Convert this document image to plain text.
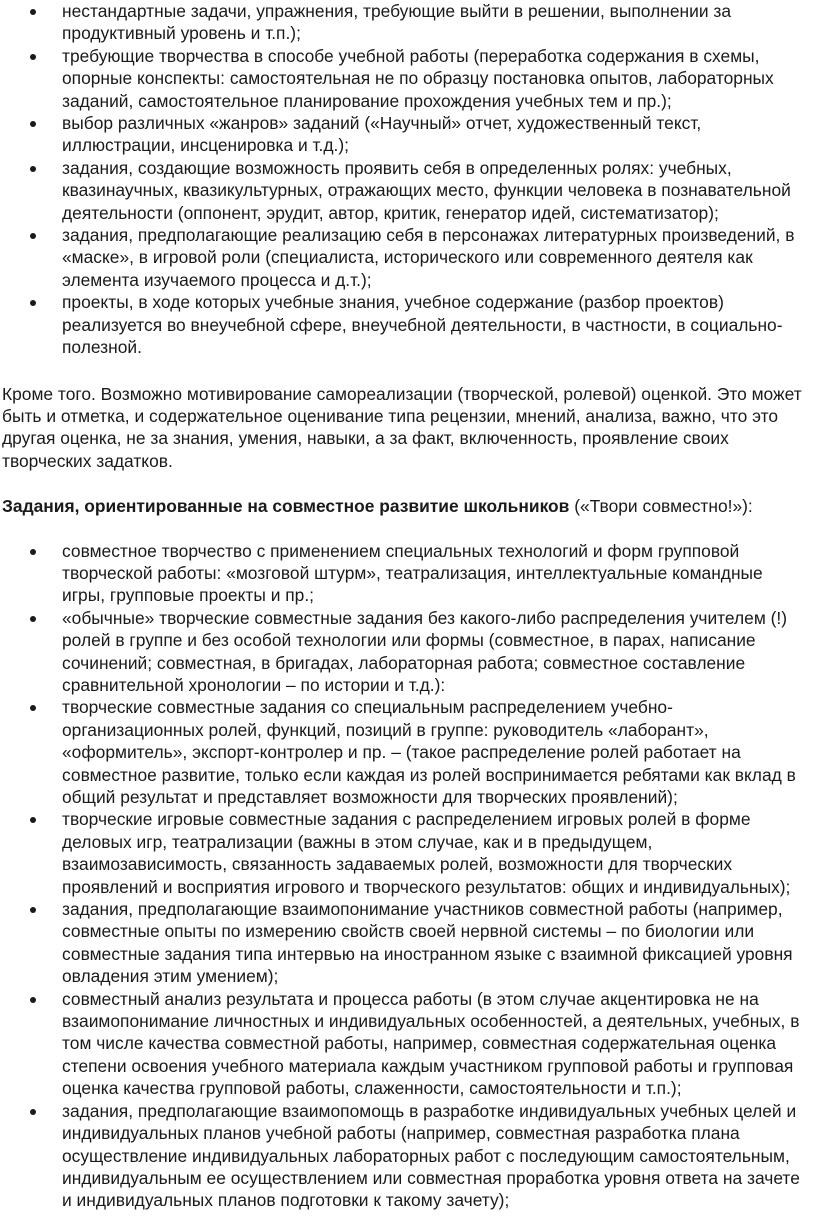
нестандартные задачи, упражнения, требующие выйти в решении, выполнении за продуктивный уровень и т.п.);
требующие творчества в способе учебной работы (переработка содержания в схемы, опорные конспекты: самостоятельная не по образцу постановка опытов, лабораторных заданий, самостоятельное планирование прохождения учебных тем и пр.);
выбор различных «жанров» заданий («Научный» отчет, художественный текст, иллюстрации, инсценировка и т.д.);
задания, создающие возможность проявить себя в определенных ролях: учебных, квазинаучных, квазикультурных, отражающих место, функции человека в познавательной деятельности (оппонент, эрудит, автор, критик, генератор идей, систематизатор);
задания, предполагающие реализацию себя в персонажах литературных произведений, в «маске», в игровой роли (специалиста, исторического или современного деятеля как элемента изучаемого процесса и д.т.);
проекты, в ходе которых учебные знания, учебное содержание (разбор проектов) реализуется во внеучебной сфере, внеучебной деятельности, в частности, в социально-полезной.

Кроме того. Возможно мотивирование самореализации (творческой, ролевой) оценкой. Это может быть и отметка, и содержательное оценивание типа рецензии, мнений, анализа, важно, что это другая оценка, не за знания, умения, навыки, а за факт, включенность, проявление своих творческих задатков.

Задания, ориентированные на совместное развитие школьников («Твори совместно!»):

совместное творчество с применением специальных технологий и форм групповой творческой работы: «мозговой штурм», театрализация, интеллектуальные командные игры, групповые проекты и пр.;
«обычные» творческие совместные задания без какого-либо распределения учителем (!) ролей в группе и без особой технологии или формы (совместное, в парах, написание сочинений; совместная, в бригадах, лабораторная работа; совместное составление сравнительной хронологии – по истории и т.д.):
творческие совместные задания со специальным распределением учебно-организационных ролей, функций, позиций в группе: руководитель «лаборант», «оформитель», экспорт-контролер и пр. – (такое распределение ролей работает на совместное развитие, только если каждая из ролей воспринимается ребятами как вклад в общий результат и представляет возможности для творческих проявлений);
творческие игровые совместные задания с распределением игровых ролей в форме деловых игр, театрализации (важны в этом случае, как и в предыдущем, взаимозависимость, связанность задаваемых ролей, возможности для творческих проявлений и восприятия игрового и творческого результатов: общих и индивидуальных);
задания, предполагающие взаимопонимание участников совместной работы (например, совместные опыты по измерению свойств своей нервной системы – по биологии или совместные задания типа интервью на иностранном языке с взаимной фиксацией уровня овладения этим умением);
совместный анализ результата и процесса работы (в этом случае акцентировка не на взаимопонимание личностных и индивидуальных особенностей, а деятельных, учебных, в том числе качества совместной работы, например, совместная содержательная оценка степени освоения учебного материала каждым участником групповой работы и групповая оценка качества групповой работы, слаженности, самостоятельности и т.п.);
задания, предполагающие взаимопомощь в разработке индивидуальных учебных целей и индивидуальных планов учебной работы (например, совместная разработка плана осуществление индивидуальных лабораторных работ с последующим самостоятельным, индивидуальным ее осуществлением или совместная проработка уровня ответа на зачете и индивидуальных планов подготовки к такому зачету);
